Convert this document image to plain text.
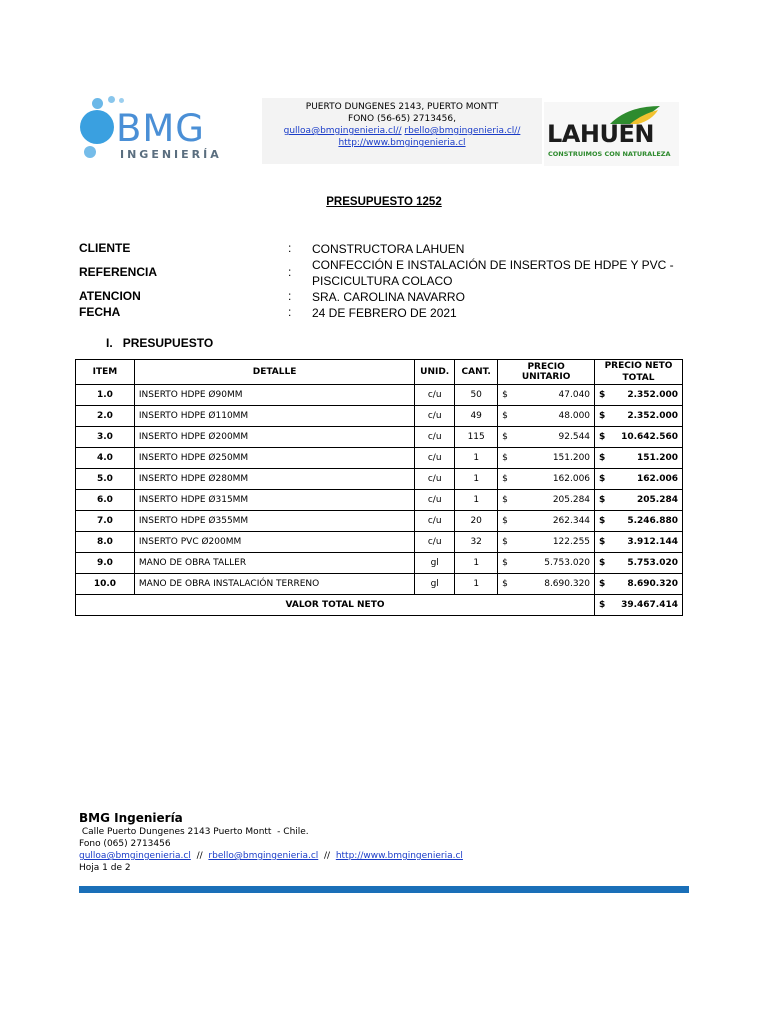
BMG
INGENIERÍA
PUERTO DUNGENES 2143, PUERTO MONTT
FONO (56-65) 2713456,
gulloa@bmgingenieria.cl// rbello@bmgingenieria.cl//
http://www.bmgingenieria.cl	LAHUEN
CONSTRUIMOS CON NATURALEZA
PRESUPUESTO 1252
CLIENTE	: CONSTRUCTORA LAHUEN
REFERENCIA	: CONFECCIÓN E INSTALACIÓN DE INSERTOS DE HDPE Y PVC - PISCICULTURA COLACO
ATENCION	: SRA. CAROLINA NAVARRO
FECHA	: 24 DE FEBRERO DE 2021
I. PRESUPUESTO
ITEM	DETALLE	UNID.	CANT.	PRECIO UNITARIO	PRECIO NETO
TOTAL

1.0	INSERTO HDPE Ø90MM	c/u	50	$ 47.040	$ 2.352.000

2.0	INSERTO HDPE Ø110MM	c/u	49	$ 48.000	$ 2.352.000

3.0	INSERTO HDPE Ø200MM	c/u	115	$ 92.544	$ 10.642.560

4.0	INSERTO HDPE Ø250MM	c/u	1	$ 151.200	$ 151.200

5.0	INSERTO HDPE Ø280MM	c/u	1	$ 162.006	$ 162.006

6.0	INSERTO HDPE Ø315MM	c/u	1	$ 205.284	$ 205.284

7.0	INSERTO HDPE Ø355MM	c/u	20	$ 262.344	$ 5.246.880

8.0	INSERTO PVC Ø200MM	c/u	32	$ 122.255	$ 3.912.144

9.0	MANO DE OBRA TALLER	gl	1	$ 5.753.020	$ 5.753.020

10.0	MANO DE OBRA INSTALACIÓN TERRENO	gl	1	$ 8.690.320	$ 8.690.320

VALOR TOTAL NETO					$ 39.467.414
BMG Ingeniería
Calle Puerto Dungenes 2143 Puerto Montt  - Chile.
Fono (065) 2713456
gulloa@bmgingenieria.cl // rbello@bmgingenieria.cl // http://www.bmgingenieria.cl
Hoja 1 de 2
